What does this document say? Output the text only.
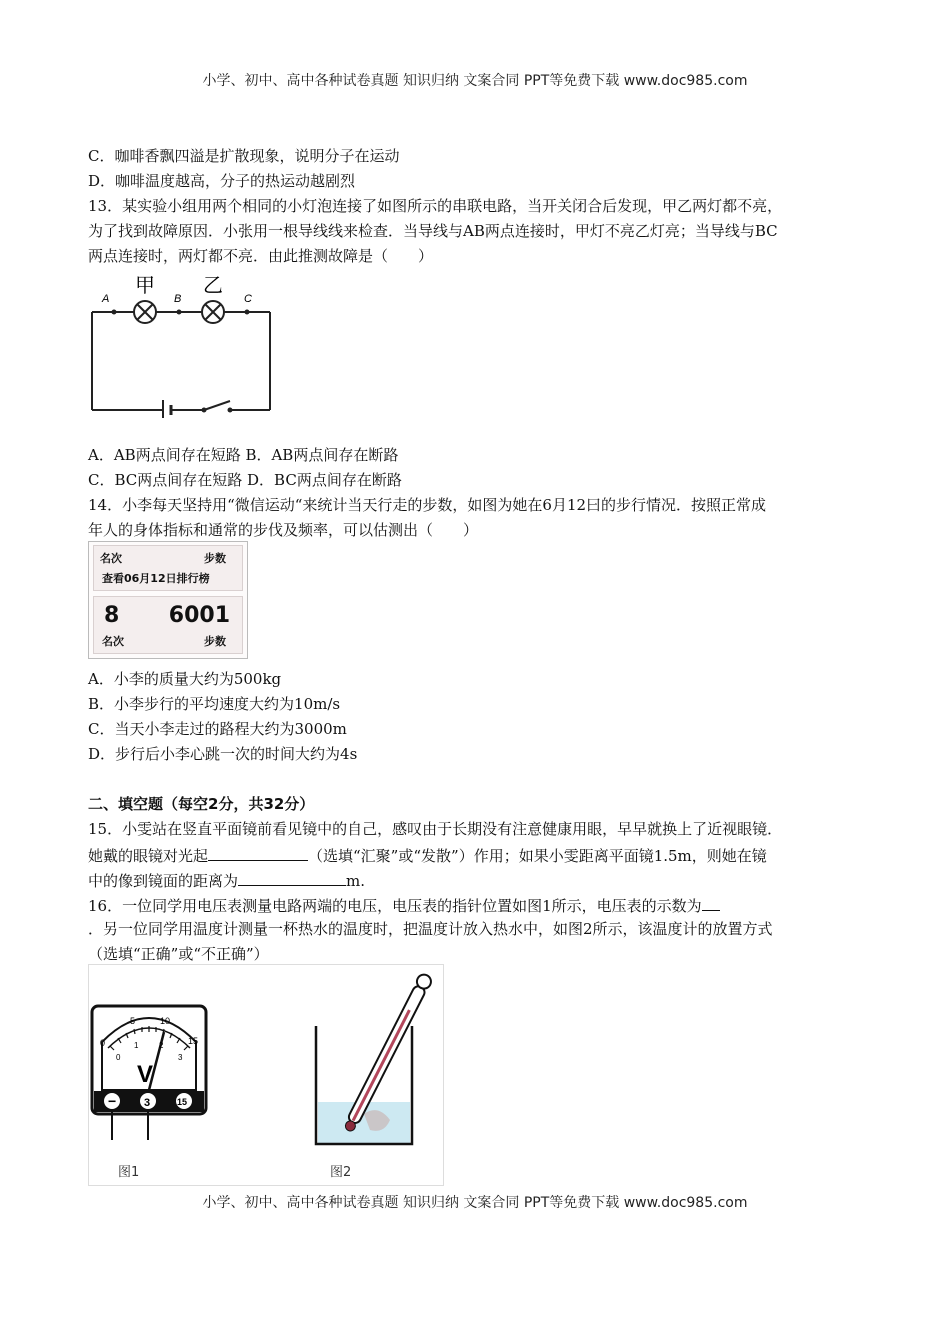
小学、初中、高中各种试卷真题 知识归纳 文案合同 PPT等免费下载 www.doc985.com
小学、初中、高中各种试卷真题 知识归纳 文案合同 PPT等免费下载 www.doc985.com
C．咖啡香飘四溢是扩散现象，说明分子在运动
D．咖啡温度越高，分子的热运动越剧烈
13．某实验小组用两个相同的小灯泡连接了如图所示的串联电路，当开关闭合后发现，甲乙两灯都不亮，
为了找到故障原因．小张用一根导线线来检查．当导线与AB两点连接时，甲灯不亮乙灯亮；当导线与BC
两点连接时，两灯都不亮．由此推测故障是（　　）
A	B	C
甲 乙
A．AB两点间存在短路 B．AB两点间存在断路
C．BC两点间存在短路 D．BC两点间存在断路
14．小李每天坚持用“微信运动“来统计当天行走的步数，如图为她在6月12曰的步行情况．按照正常成
年人的身体指标和通常的步伐及频率，可以估测出（　　）
名次	步数
查看06月12日排行榜
8 6001
名次	步数
A．小李的质量大约为500kg
B．小李步行的平均速度大约为10m/s
C．当天小李走过的路程大约为3000m
D．步行后小李心跳一次的时间大约为4s
二、填空题（每空2分，共32分）
15．小雯站在竖直平面镜前看见镜中的自己，感叹由于长期没有注意健康用眼，早早就换上了近视眼镜．
她戴的眼镜对光起	（选填“汇聚”或“发散”）作用；如果小雯距离平面镜1.5m，则她在镜
中的像到镜面的距离为	m.
16．一位同学用电压表测量电路两端的电压，电压表的指针位置如图1所示，电压表的示数为
．另一位同学用温度计测量一杯热水的温度时，把温度计放入热水中，如图2所示，该温度计的放置方式
（选填“正确”或“不正确”）
0
5	10
15
0
1	2
3
V
−	3	15
图1	图2
